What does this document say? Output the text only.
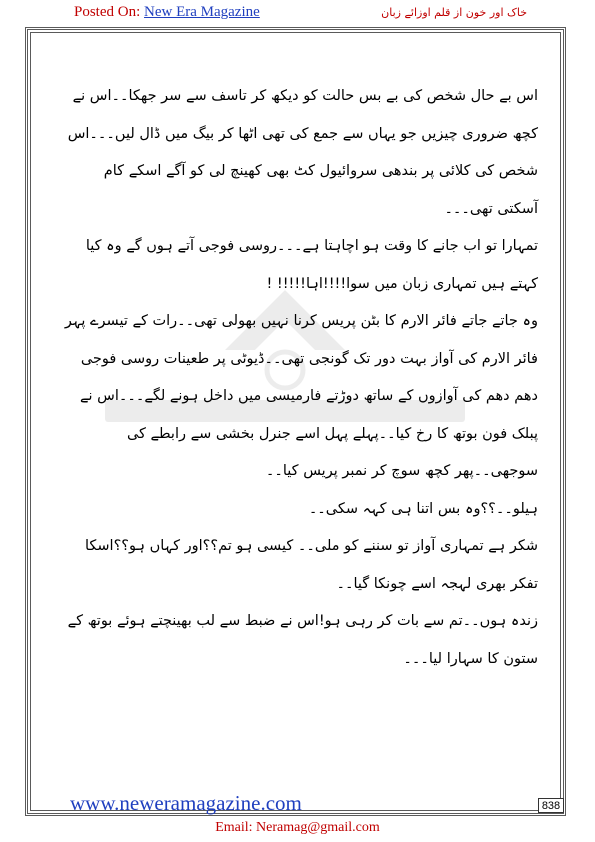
Posted On: New Era Magazine	خاک اور خون از قلم اوزائے زبان

اس بے حال شخص کی بے بس حالت کو دیکھ کر تاسف سے سر جھکا۔۔اس نے کچھ ضروری چیزیں جو یہاں سے جمع کی تھی اٹھا کر بیگ میں ڈال لیں۔۔۔اس شخص کی کلائی پر بندھی سروائیول کٹ بھی کھینچ لی کو آگے اسکے کام آسکتی تھی۔۔۔

تمہارا تو اب جانے کا وقت ہو اچاہتا ہے۔۔۔روسی فوجی آتے ہوں گے وہ کیا کہتے ہیں تمہاری زبان میں سوا!!!!اہا!!!!! !

وہ جاتے جاتے فائر الارم کا بٹن پریس کرنا نہیں بھولی تھی۔۔رات کے تیسرے پہر فائر الارم کی آواز بہت دور تک گونجی تھی۔۔ڈیوٹی پر طعینات روسی فوجی دھم دھم کی آوازوں کے ساتھ دوڑتے فارمیسی میں داخل ہونے لگے۔۔۔اس نے پبلک فون بوتھ کا رخ کیا۔۔پہلے پہل اسے جنرل بخشی سے رابطے کی سوجھی۔۔پھر کچھ سوچ کر نمبر پریس کیا۔۔

ہیلو۔۔؟؟وہ بس اتنا ہی کہہ سکی۔۔

شکر ہے تمہاری آواز تو سننے کو ملی۔۔ کیسی ہو تم؟؟اور کہاں ہو؟؟اسکا تفکر بھری لہجہ اسے چونکا گیا۔۔

زندہ ہوں۔۔تم سے بات کر رہی ہو!اس نے ضبط سے لب بھینچتے ہوئے بوتھ کے ستون کا سہارا لیا۔۔۔

www.neweramagazine.com	838
Email: Neramag@gmail.com
